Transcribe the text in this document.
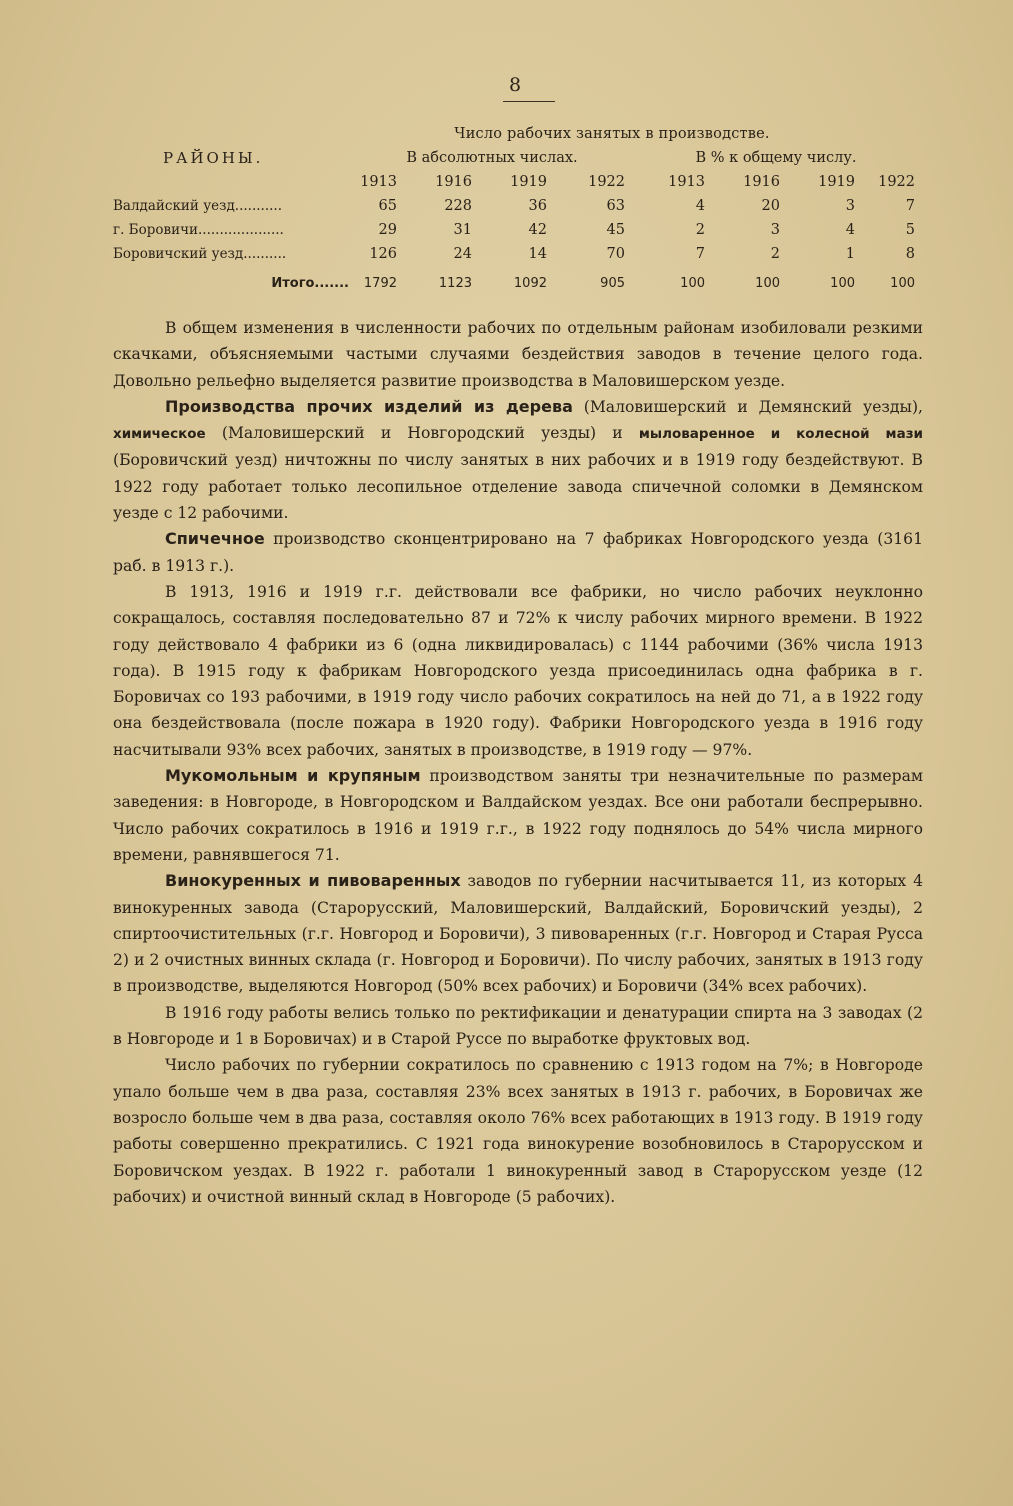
8
Число рабочих занятых в производстве.								
РАЙОНЫ.	В абсолютных числах.				В % к общему числу.			
	1913	1916	1919	1922	1913	1916	1919	1922
Валдайский уезд...........	65	228	36	63	4	20	3	7
г. Боровичи....................	29	31	42	45	2	3	4	5
Боровичский уезд..........	126	24	14	70	7	2	1	8
Итого.......	1792	1123	1092	905	100	100	100	100

В общем изменения в численности рабочих по отдельным районам изобиловали резкими скачками, объясняемыми частыми случаями бездействия заводов в течение целого года. Довольно рельефно выделяется развитие производства в Маловишерском уезде.

Производства прочих изделий из дерева (Маловишерский и Демянский уезды), химическое (Маловишерский и Новгородский уезды) и мыловаренное и колесной мази (Боровичский уезд) ничтожны по числу занятых в них рабочих и в 1919 году бездействуют. В 1922 году работает только лесопильное отделение завода спичечной соломки в Демянском уезде с 12 рабочими.

Спичечное производство сконцентрировано на 7 фабриках Новгородского уезда (3161 раб. в 1913 г.).

В 1913, 1916 и 1919 г.г. действовали все фабрики, но число рабочих неуклонно сокращалось, составляя последовательно 87 и 72% к числу рабочих мирного времени. В 1922 году действовало 4 фабрики из 6 (одна ликвидировалась) с 1144 рабочими (36% числа 1913 года). В 1915 году к фабрикам Новгородского уезда присоединилась одна фабрика в г. Боровичах со 193 рабочими, в 1919 году число рабочих сократилось на ней до 71, а в 1922 году она бездействовала (после пожара в 1920 году). Фабрики Новгородского уезда в 1916 году насчитывали 93% всех рабочих, занятых в производстве, в 1919 году — 97%.

Мукомольным и крупяным производством заняты три незначительные по размерам заведения: в Новгороде, в Новгородском и Валдайском уездах. Все они работали беспрерывно. Число рабочих сократилось в 1916 и 1919 г.г., в 1922 году поднялось до 54% числа мирного времени, равнявшегося 71.

Винокуренных и пивоваренных заводов по губернии насчитывается 11, из которых 4 винокуренных завода (Старорусский, Маловишерский, Валдайский, Боровичский уезды), 2 спиртоочистительных (г.г. Новгород и Боровичи), 3 пивоваренных (г.г. Новгород и Старая Русса 2) и 2 очистных винных склада (г. Новгород и Боровичи). По числу рабочих, занятых в 1913 году в производстве, выделяются Новгород (50% всех рабочих) и Боровичи (34% всех рабочих).

В 1916 году работы велись только по ректификации и денатурации спирта на 3 заводах (2 в Новгороде и 1 в Боровичах) и в Старой Руссе по выработке фруктовых вод.

Число рабочих по губернии сократилось по сравнению с 1913 годом на 7%; в Новгороде упало больше чем в два раза, составляя 23% всех занятых в 1913 г. рабочих, в Боровичах же возросло больше чем в два раза, составляя около 76% всех работающих в 1913 году. В 1919 году работы совершенно прекратились. С 1921 года винокурение возобновилось в Старорусском и Боровичском уездах. В 1922 г. работали 1 винокуренный завод в Старорусском уезде (12 рабочих) и очистной винный склад в Новгороде (5 рабочих).
